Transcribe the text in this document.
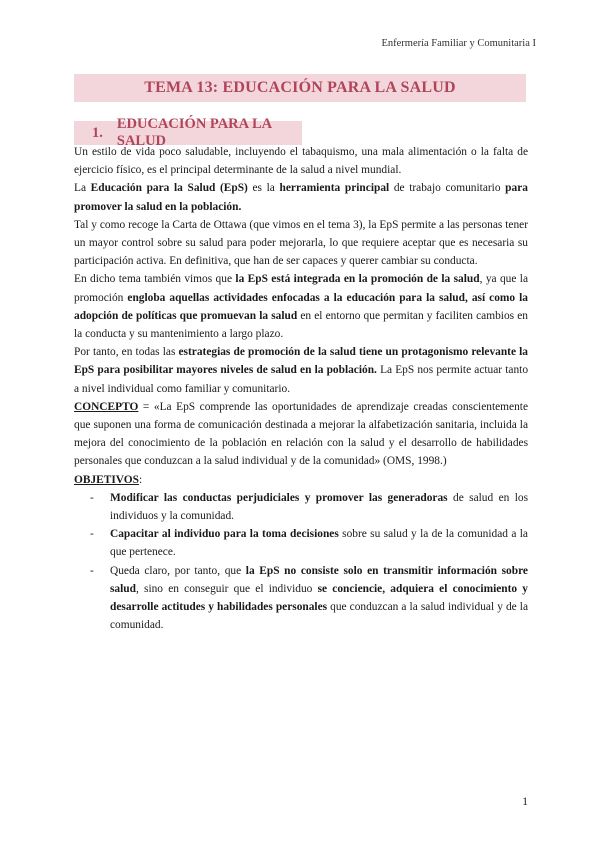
Enfermería Familiar y Comunitaria I
TEMA 13: EDUCACIÓN PARA LA SALUD
1.
EDUCACIÓN PARA LA SALUD

Un estilo de vida poco saludable, incluyendo el tabaquismo, una mala alimentación o la falta de ejercicio físico, es el principal determinante de la salud a nivel mundial.

La Educación para la Salud (EpS) es la herramienta principal de trabajo comunitario para promover la salud en la población.

Tal y como recoge la Carta de Ottawa (que vimos en el tema 3), la EpS permite a las personas tener un mayor control sobre su salud para poder mejorarla, lo que requiere aceptar que es necesaria su participación activa. En definitiva, que han de ser capaces y querer cambiar su conducta.

En dicho tema también vimos que la EpS está integrada en la promoción de la salud, ya que la promoción engloba aquellas actividades enfocadas a la educación para la salud, así como la adopción de políticas que promuevan la salud en el entorno que permitan y faciliten cambios en la conducta y su mantenimiento a largo plazo.

Por tanto, en todas las estrategias de promoción de la salud tiene un protagonismo relevante la EpS para posibilitar mayores niveles de salud en la población. La EpS nos permite actuar tanto a nivel individual como familiar y comunitario.

CONCEPTO = «La EpS comprende las oportunidades de aprendizaje creadas conscientemente que suponen una forma de comunicación destinada a mejorar la alfabetización sanitaria, incluida la mejora del conocimiento de la población en relación con la salud y el desarrollo de habilidades personales que conduzcan a la salud individual y de la comunidad» (OMS, 1998.)

OBJETIVOS:

- Modificar las conductas perjudiciales y promover las generadoras de salud en los individuos y la comunidad.
- Capacitar al individuo para la toma decisiones sobre su salud y la de la comunidad a la que pertenece.
- Queda claro, por tanto, que la EpS no consiste solo en transmitir información sobre salud, sino en conseguir que el individuo se conciencie, adquiera el conocimiento y desarrolle actitudes y habilidades personales que conduzcan a la salud individual y de la comunidad.
1
